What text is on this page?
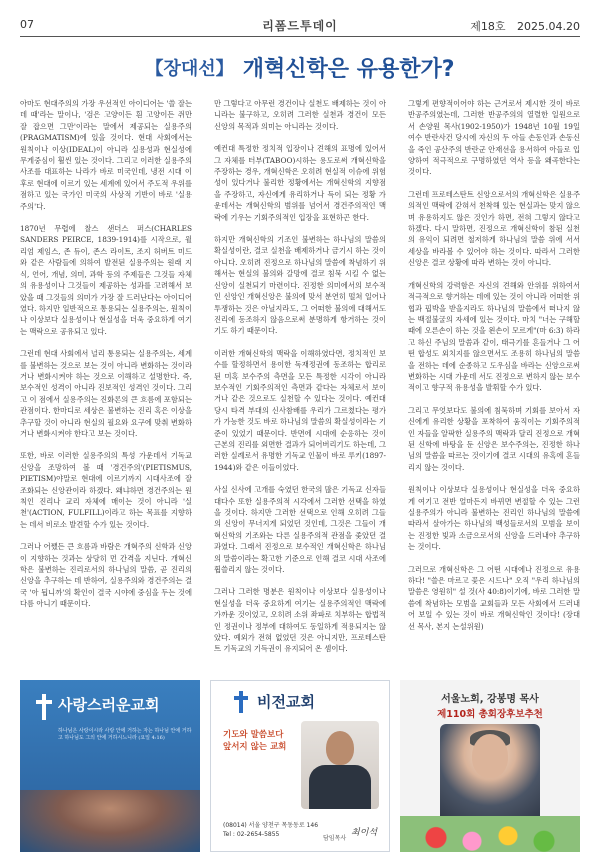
07	리폼드투데이	제18호 2025.04.20
【장대선】 개혁신학은 유용한가?

아마도 현대주의의 가장 우선적인 아이디어는 '쓸 잘는데 때'라는 말이나, '검은 고양이든 흰 고양이든 쥐만 잘 잡으면 그만'이라는 말에서 제공되는 실용주의(PRAGMATISM)에 있을 것이다. 현대 사회에서는 원칙이나 이상(IDEAL)이 아니라 실용성과 현실성에 무게중심이 훨씬 있는 것이다. 그리고 이러한 실용주의 사조를 대표하는 나라가 바로 미국인데, 냉전 시대 이후로 현대에 이르기 있는 세계에 있어서 주도적 우위를 점하고 있는 국가인 미국의 사상적 기반이 바로 '실용주의'다.

1870년 무렵에 찰스 샌더스 퍼스(CHARLES SANDERS PEIRCE, 1839-1914)를 시작으로, 윌리엄 제임스, 존 듀이, 존스 라이트, 조지 허버트 미드와 같은 사람들에 의하여 발전된 실용주의는 원래 지식, 언어, 개념, 의미, 과학 등의 주제들은 그것들 자체의 유용성이나 그것들이 제공하는 성과를 고려해서 보았을 때 그것들의 의미가 가장 잘 드러난다는 아이디어였다. 하지만 일반적으로 통용되는 실용주의는, 원칙이나 이상보다 실용성이나 현실성을 더욱 중요하게 여기는 맥락으로 공유되고 있다.

그런데 현대 사회에서 널리 통용되는 실용주의는, 세계를 불변하는 것으로 보는 것이 아니라 변화하는 것이라거나 변화시켜야 하는 것으로 이해하고 설명한다. 즉, 보수적인 성격이 아니라 진보적인 성격인 것이다. 그리고 이 점에서 실용주의는 진화론의 큰 흐름에 포함되는 관점이다. 한마디로 세상은 불변하는 진리 혹은 이상을 추구할 것이 아니라 현실의 필요와 요구에 맞춰 변화하거나 변화시켜야 한다고 보는 것이다.

또한, 바로 이러한 실용주의의 특성 가운데서 기독교 신앙을 조망하여 볼 때 '경건주의'(PIETISMUS, PIETISM)야말로 현대에 이르기까지 시대사조에 잘 조화되는 신앙관이라 하겠다. 왜냐하면 경건주의는 원칙인 진리나 교리 자체에 매이는 것이 아니라 '실천'(ACTION, FULFILL)이라고 하는 목표를 지향하는 데서 비로소 발견할 수가 있는 것이다.

그러나 어쨌든 큰 흐름과 바람은 개혁주의 신학과 신앙이 지향하는 것과는 상당히 먼 간격을 지닌다. 개혁신학은 불변하는 진리로서의 하나님의 말씀, 곧 진리의 신앙을 추구하는 데 반하여, 실용주의와 경건주의는 결국 '아 됩니까'의 확인이 결국 시야에 중심을 두는 것에 다름 아니기 때문이다.

만 그렇다고 아무런 경건이나 실천도 배제하는 것이 아니라는 불구하고, 오히려 그러한 실천과 경건이 모든 신앙의 목적과 의미는 아니라는 것이다.

예컨대 특정한 정치적 입장이나 견해의 표명에 있어서 그 자체를 터부(TABOO)시하는 용도로써 개혁신학을 주장하는 경우, 개혁신학은 오히려 현실적 이슈에 위험성이 있다거나 불리한 정황에서는 개혁신학의 지향점을 주장하고, 자신에게 유리하거나 득이 되는 정황 가운데서는 개혁신학의 범위를 넘어서 경건주의적인 맥락에 기우는 기회주의적인 입장을 표현하곤 한다.

하지만 개혁신학의 기조인 불변하는 하나님의 말씀의 확실성이란, 결코 실천을 배제하거나 금기시 하는 것이 아니다. 오히려 진정으로 하나님의 말씀에 착념하기 위해서는 현실의 불의와 갈망에 결코 침묵 시킬 수 없는 신앙이 실천되기 마련이다. 진정한 의미에서의 보수적인 신앙인 개혁신앙은 불의에 맞서 분연히 떨쳐 일어나 투쟁하는 것은 아닐지라도, 그 어떠한 불의에 대해서도 진리에 동조하지 않음으로써 분명하게 항거하는 것이기도 하기 때문이다.

이러한 개혁신학의 맥락을 이해하였다면, 정치적인 보수를 할정하면서 용이한 독재정권에 동조하는 합리로 된 미혹 보수주의 측면을 모든 특정한 시각이 아니라 보수적인 기회주의적인 측면과 같다는 자체로서 보이거나 같은 것으로도 실천할 수 있다는 것이다. 예컨대 당시 타격 부대의 신사참배를 우리가 그르쳤다는 평가가 가능한 것도 바로 하나님의 말씀의 확실성이라는 기준이 있었기 때문이다. 반면에 시대에 순응하는 것이 근본의 진리를 외면한 결과가 되어버리기도 하는데, 그러한 실례로서 유명한 기독교 인물이 바로 루키(1897-1944)와 같은 이들이었다.

사실 신사에 고개를 숙였던 한국의 많은 기독교 신자들 대다수 또한 실용주의적 시각에서 그러한 선택을 하였을 것이다. 하지만 그러한 선택으로 인해 오히려 그들의 신앙이 무너지게 되었던 것인데, 그것은 그들이 개혁신학의 기조와는 다른 실용주의적 관점을 좇았던 결과였다. 그래서 진정으로 보수적인 개혁신학은 하나님의 말씀이라는 확고한 기준으로 인해 결코 시대 사조에 휩쓸리지 않는 것이다.

그러나 그러한 명분은 원칙이나 이상보다 실용성이나 현실성을 더욱 중요하게 여기는 실용주의적인 맥락에 가까운 것이었고, 오히려 소위 좌파로 치부하는 합법적인 정권이나 정부에 대하여도 동일하게 적용되지는 않았다. 예외가 전혀 없었던 것은 아니지만, 프로테스탄트 기독교의 기득권이 유지되어 온 셈이다.

그렇게 편향적이어야 하는 근거로서 제시한 것이 바로 반공주의였는데, 그러한 반공주의의 열렬한 일원으로서 손양원 목사(1902-1950)가 1948년 10월 19일 여수 반란사건 당시에 자신의 두 아들 손동인과 손동신을 죽인 공산주의 반란군 안재선을 용서하여 아들로 입양하여 적극적으로 구명하였던 역사 등을 왜곡한다는 것이다.

그런데 프로테스탄트 신앙으로서의 개혁신학은 실용주의적인 맥락에 갇혀서 천착해 있는 현실과는 맞지 않으며 유용하지도 않은 것인가 하면, 전혀 그렇지 않다고 하겠다. 다시 말하면, 진정으로 개혁신학이 참된 실천의 유익이 되려면 철저하게 하나님의 말씀 위에 서서 세상을 바라볼 수 있어야 하는 것이다. 따라서 그러한 신앙은 결코 상황에 따라 변하는 것이 아니다.

개혁신학의 강력함은 자신의 견해와 안위를 위하여서 적극적으로 향거하는 데에 있는 것이 아니라 어떠한 위협과 핍박을 받을지라도 하나님의 말씀에서 떠나지 않는 백절불굴의 자세에 있는 것이다. 마치 "너는 구해할 때에 오른손이 하는 것을 왼손이 모르게"(마 6:3) 하라고 하신 주님의 말씀과 같이, 태극기를 흔들거나 그 어떤 합성도 외치지를 않으면서도 조용히 하나님의 말씀을 전하는 데에 순종하고 도우심을 바라는 신앙으로써 변화하는 시대 가운데 서도 진정으로 변하지 않는 보수적이고 향구적 유용성을 발휘할 수가 있다.

그리고 무엇보다도 불의에 침묵하며 기회를 보아서 자신에게 유리한 상황을 포착하여 움직이는 기회주의적인 자들을 알팍한 실용주의 맥락과 달리 진정으로 개혁된 신학에 바탕을 둔 신앙은 보수주의는, 진정한 하나님의 말씀을 따르는 것이기에 결코 시대의 유혹에 흔들리지 않는 것이다.

원칙이나 이상보다 실용성이나 현실성을 더욱 중요하게 여기고 전반 얼마든지 바뀌면 변절할 수 있는 그런 실용주의가 아니라 불변하는 진리인 하나님의 말씀에 따라서 살아가는 하나님의 백성들로서의 모범을 보이는 진정한 빛과 소금으로서의 신앙을 드러내야 추구하는 것이다.

그러므로 개혁신학은 그 어떤 시대에나 진정으로 유용하다! "쓸은 마르고 꽃은 시드나" 오직 "우리 하나님의 말씀은 영원히" 설 것(사 40:8)이기에, 바로 그러한 말씀에 착념하는 모범을 교회들과 모든 사회에서 드러내어 보일 수 있는 것이 바로 개혁신학인 것이다! (장대선 목사, 본지 논설위원)

사랑스러운교회
하나님은 사랑이시라 사랑 안에 거하는 자는 하나님 안에 거하고 하나님도 그의 안에 거하시느니라 (요일 4:16)
비전교회
기도와 말씀보다
앞서지 않는 교회
(08014) 서울 양천구 목동동로 146
Tel : 02-2654-5855
담임목사
최이석
서울노회, 강봉명 목사
제110회 총회장후보추천
